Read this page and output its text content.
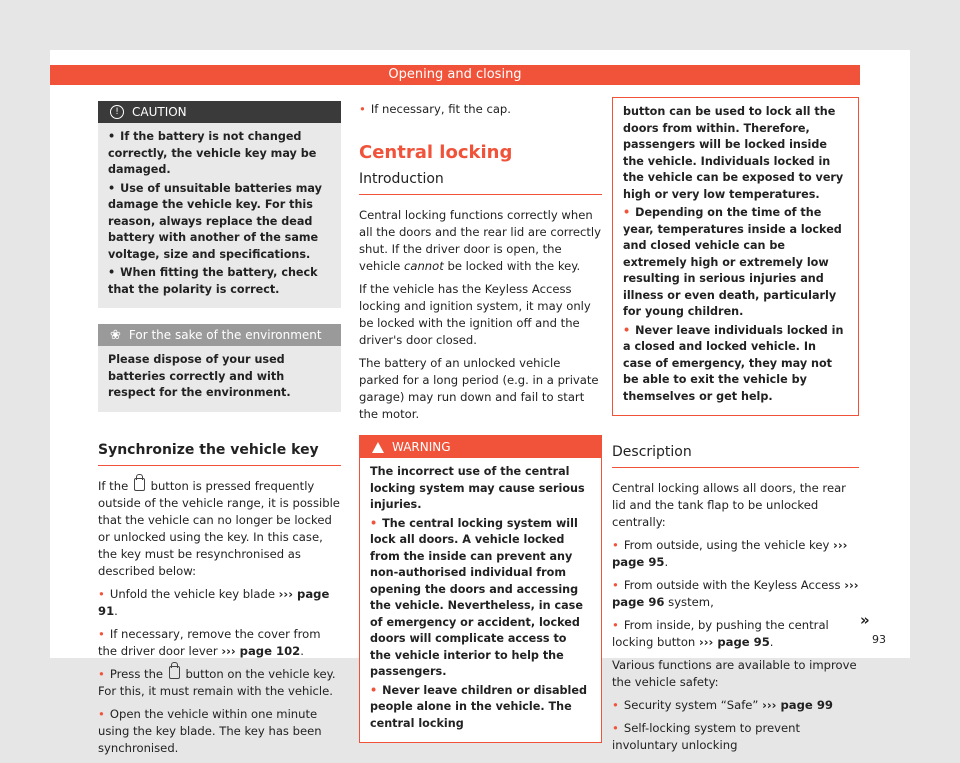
Opening and closing
!	CAUTION

• If the battery is not changed correctly, the vehicle key may be damaged.

• Use of unsuitable batteries may damage the vehicle key. For this reason, always replace the dead battery with another of the same voltage, size and specifications.

• When fitting the battery, check that the polarity is correct.

❀ For the sake of the environment

Please dispose of your used batteries correctly and with respect for the environment.

Synchronize the vehicle key

If the button is pressed frequently outside of the vehicle range, it is possible that the vehicle can no longer be locked or unlocked using the key. In this case, the key must be resynchronised as described below:

• Unfold the vehicle key blade ››› page 91.

• If necessary, remove the cover from the driver door lever ››› page 102.

• Press the button on the vehicle key. For this, it must remain with the vehicle.

• Open the vehicle within one minute using the key blade. The key has been synchronised.

• If necessary, fit the cap.

Central locking
Introduction

Central locking functions correctly when all the doors and the rear lid are correctly shut. If the driver door is open, the vehicle cannot be locked with the key.

If the vehicle has the Keyless Access locking and ignition system, it may only be locked with the ignition off and the driver's door closed.

The battery of an unlocked vehicle parked for a long period (e.g. in a private garage) may run down and fail to start the motor.

WARNING

The incorrect use of the central locking system may cause serious injuries.

• The central locking system will lock all doors. A vehicle locked from the inside can prevent any non-authorised individual from opening the doors and accessing the vehicle. Nevertheless, in case of emergency or accident, locked doors will complicate access to the vehicle interior to help the passengers.

• Never leave children or disabled people alone in the vehicle. The central locking

button can be used to lock all the doors from within. Therefore, passengers will be locked inside the vehicle. Individuals locked in the vehicle can be exposed to very high or very low temperatures.

• Depending on the time of the year, temperatures inside a locked and closed vehicle can be extremely high or extremely low resulting in serious injuries and illness or even death, particularly for young children.

• Never leave individuals locked in a closed and locked vehicle. In case of emergency, they may not be able to exit the vehicle by themselves or get help.

Description

Central locking allows all doors, the rear lid and the tank flap to be unlocked centrally:

• From outside, using the vehicle key ››› page 95.

• From outside with the Keyless Access ››› page 96 system,

• From inside, by pushing the central locking button ››› page 95.

Various functions are available to improve the vehicle safety:

• Security system “Safe” ››› page 99

• Self-locking system to prevent involuntary unlocking

»
93
